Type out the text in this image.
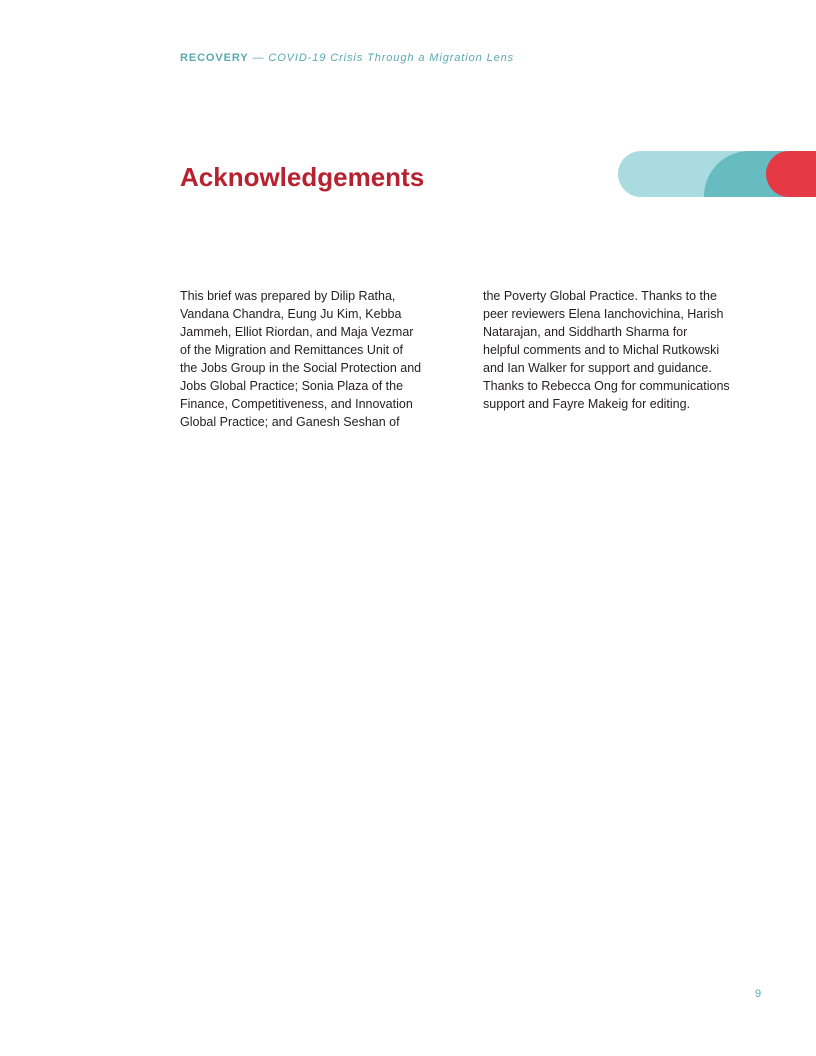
RECOVERY — COVID-19 Crisis Through a Migration Lens
Acknowledgements
This brief was prepared by Dilip Ratha,
Vandana Chandra, Eung Ju Kim, Kebba
Jammeh, Elliot Riordan, and Maja Vezmar
of the Migration and Remittances Unit of
the Jobs Group in the Social Protection and
Jobs Global Practice; Sonia Plaza of the
Finance, Competitiveness, and Innovation
Global Practice; and Ganesh Seshan of
the Poverty Global Practice. Thanks to the
peer reviewers Elena Ianchovichina, Harish
Natarajan, and Siddharth Sharma for
helpful comments and to Michal Rutkowski
and Ian Walker for support and guidance.
Thanks to Rebecca Ong for communications
support and Fayre Makeig for editing.
9
